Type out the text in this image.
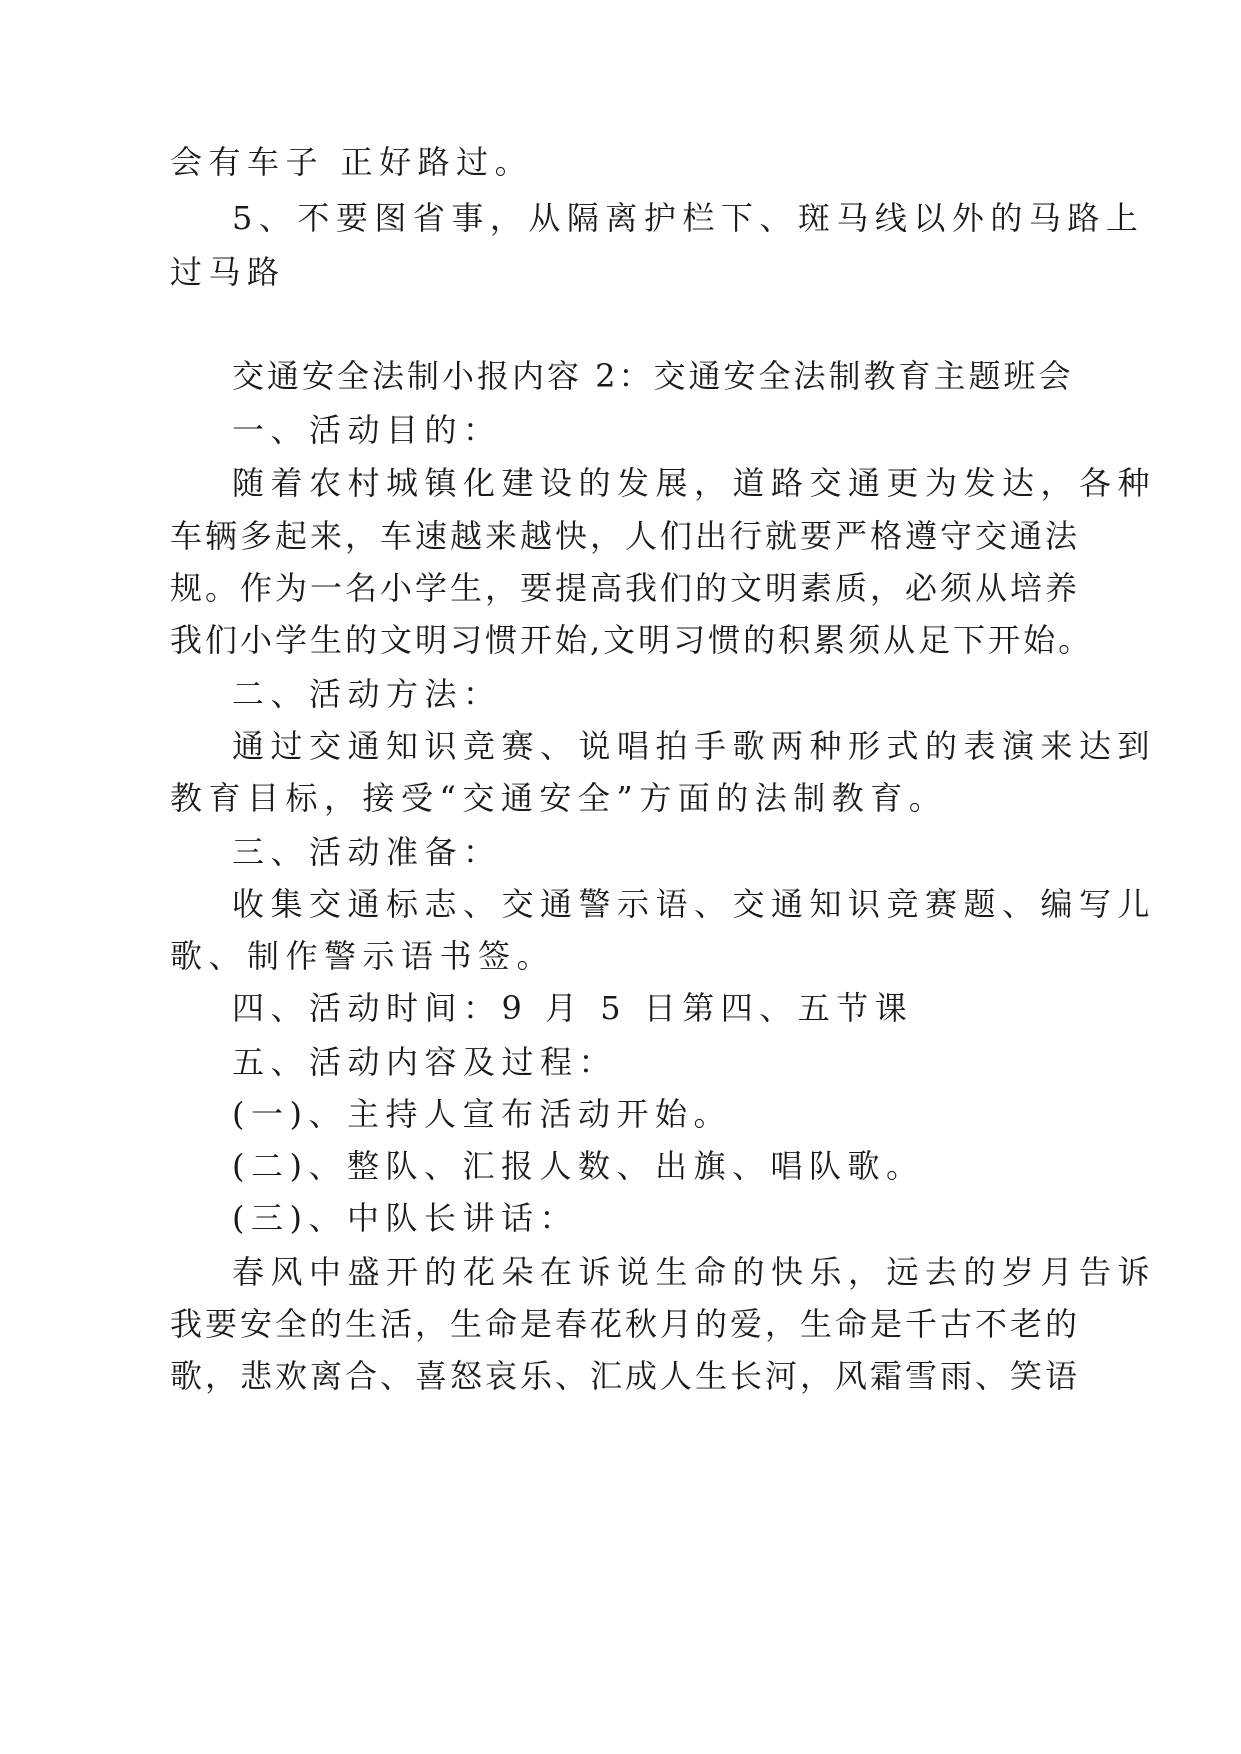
会有车子 正好路过。
5、不要图省事，从隔离护栏下、斑马线以外的马路上
过马路
交通安全法制小报内容 2：交通安全法制教育主题班会
一、活动目的：
随着农村城镇化建设的发展，道路交通更为发达，各种
车辆多起来，车速越来越快，人们出行就要严格遵守交通法
规。作为一名小学生，要提高我们的文明素质，必须从培养
我们小学生的文明习惯开始,文明习惯的积累须从足下开始。
二、活动方法：
通过交通知识竞赛、说唱拍手歌两种形式的表演来达到
教育目标，接受“交通安全”方面的法制教育。
三、活动准备：
收集交通标志、交通警示语、交通知识竞赛题、编写儿
歌、制作警示语书签。
四、活动时间：9 月 5 日第四、五节课
五、活动内容及过程：
(一)、主持人宣布活动开始。
(二)、整队、汇报人数、出旗、唱队歌。
(三)、中队长讲话：
春风中盛开的花朵在诉说生命的快乐，远去的岁月告诉
我要安全的生活，生命是春花秋月的爱，生命是千古不老的
歌，悲欢离合、喜怒哀乐、汇成人生长河，风霜雪雨、笑语
